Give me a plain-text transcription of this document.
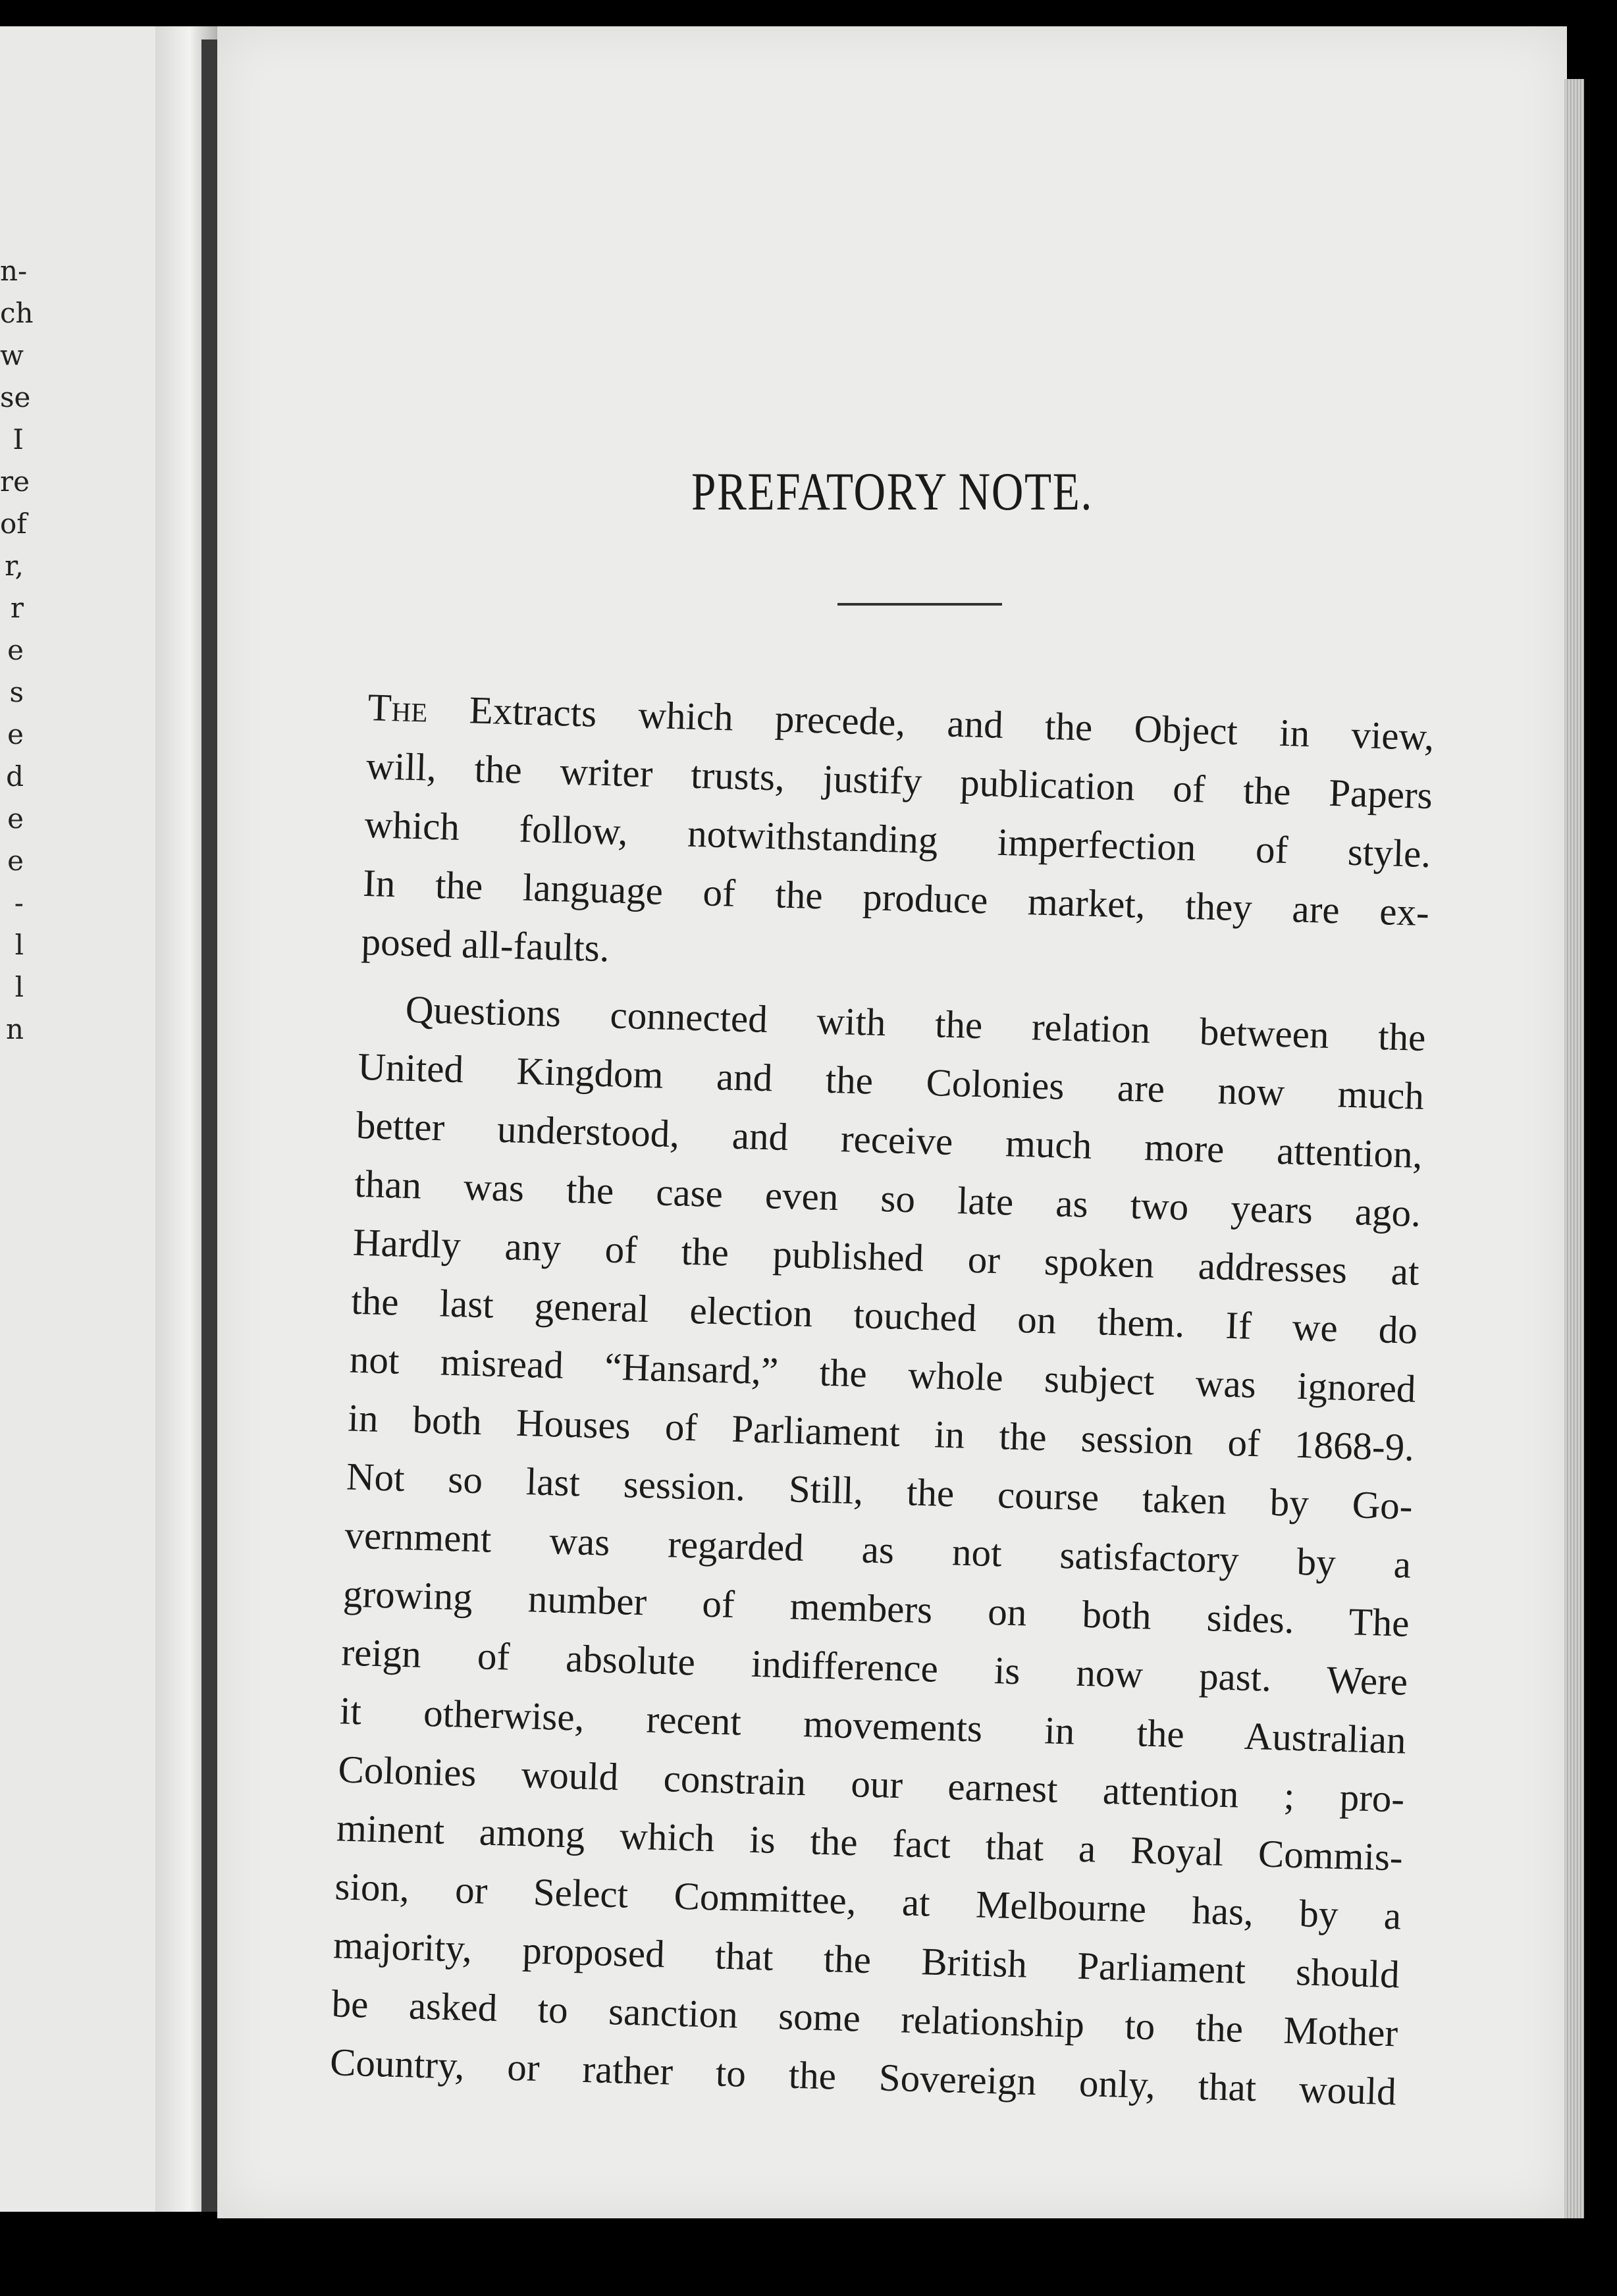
n-
ch
w
se
I
re
of
r,
r
e
s
e
d
e
e
-
l
l
n
PREFATORY NOTE.
The Extracts which precede, and the Object in view,
will, the writer trusts, justify publication of the Papers
which follow, notwithstanding imperfection of style.
In the language of the produce market, they are ex-
posed all-faults.
Questions connected with the relation between the
United Kingdom and the Colonies are now much
better understood, and receive much more attention,
than was the case even so late as two years ago.
Hardly any of the published or spoken addresses at
the last general election touched on them. If we do
not misread “Hansard,” the whole subject was ignored
in both Houses of Parliament in the session of 1868-9.
Not so last session. Still, the course taken by Go-
vernment was regarded as not satisfactory by a
growing number of members on both sides. The
reign of absolute indifference is now past. Were
it otherwise, recent movements in the Australian
Colonies would constrain our earnest attention ; pro-
minent among which is the fact that a Royal Commis-
sion, or Select Committee, at Melbourne has, by a
majority, proposed that the British Parliament should
be asked to sanction some relationship to the Mother
Country, or rather to the Sovereign only, that would
